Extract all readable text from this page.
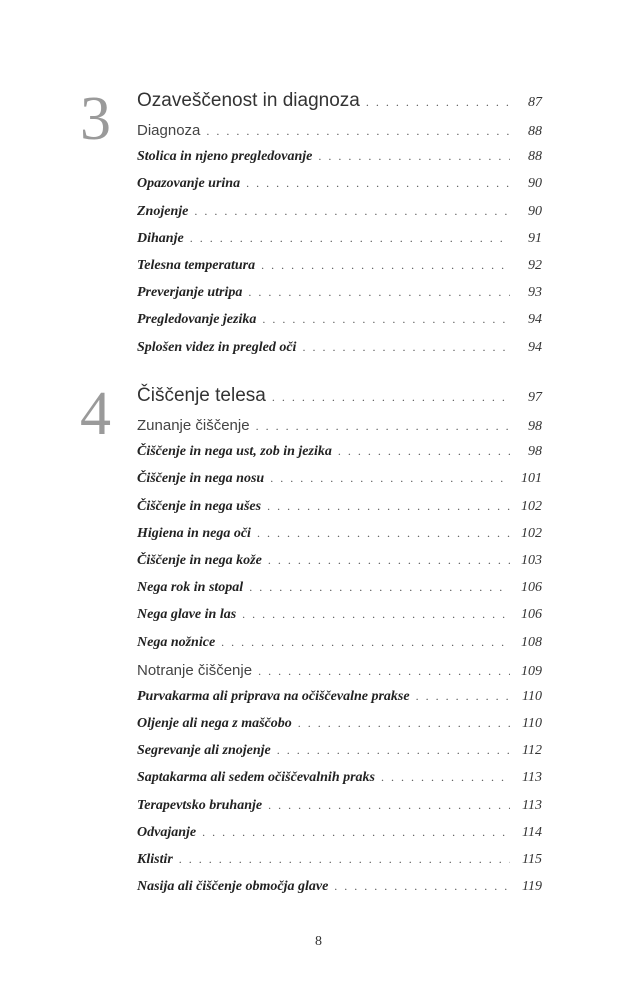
3 Ozaveščenost in diagnoza . . .	87
Diagnoza . . .	88
Stolica in njeno pregledovanje . . .	88
Opazovanje urina . . .	90
Znojenje . . .	90
Dihanje . . .	91
Telesna temperatura . . .	92
Preverjanje utripa . . .	93
Pregledovanje jezika . . .	94
Splošen videz in pregled oči . . .	94
4 Čiščenje telesa . . .	97
Zunanje čiščenje . . .	98
Čiščenje in nega ust, zob in jezika . . .	98
Čiščenje in nega nosu . . .	101
Čiščenje in nega ušes . . .	102
Higiena in nega oči . . .	102
Čiščenje in nega kože . . .	103
Nega rok in stopal . . .	106
Nega glave in las . . .	106
Nega nožnice . . .	108
Notranje čiščenje . . .	109
Purvakarma ali priprava na očiščevalne prakse . . .	110
Oljenje ali nega z maščobo . . .	110
Segrevanje ali znojenje . . .	112
Saptakarma ali sedem očiščevalnih praks . . .	113
Terapevtsko bruhanje . . .	113
Odvajanje . . .	114
Klistir . . .	115
Nasija ali čiščenje območja glave . . .	119
8
